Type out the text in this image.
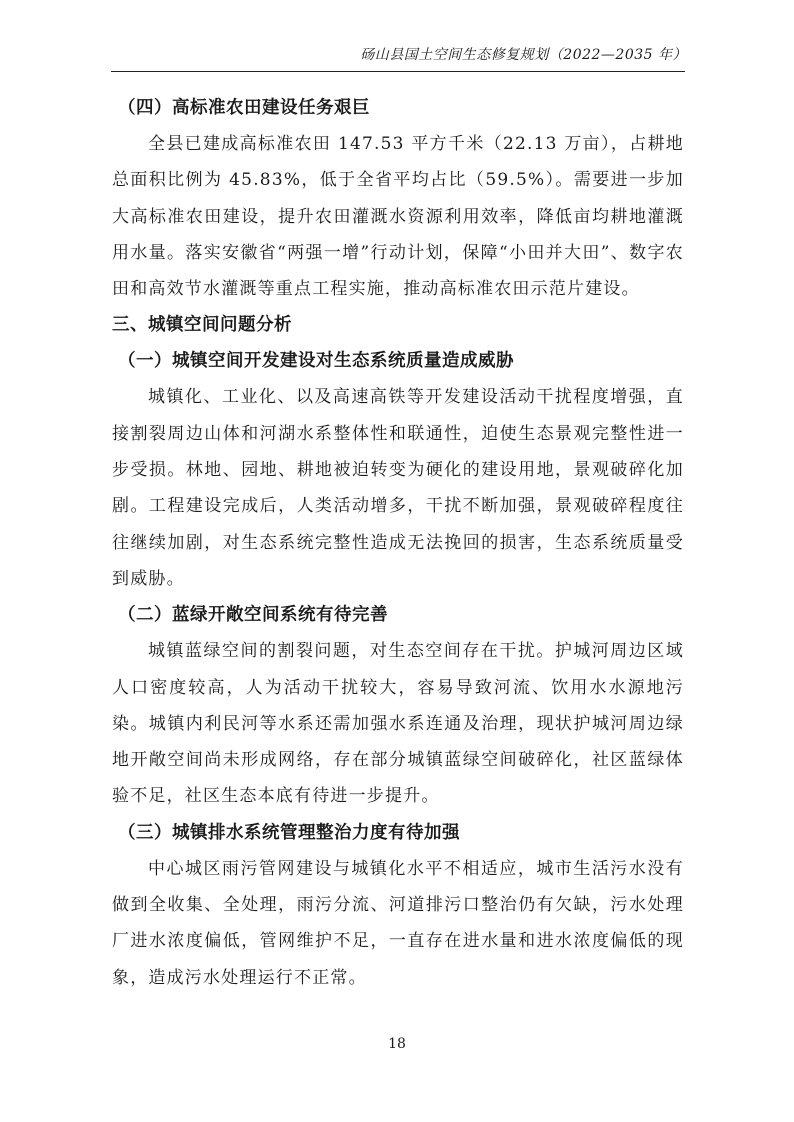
砀山县国土空间生态修复规划（2022—2035 年）
（四）高标准农田建设任务艰巨

全县已建成高标准农田 147.53 平方千米（22.13 万亩），占耕地总面积比例为 45.83%，低于全省平均占比（59.5%）。需要进一步加大高标准农田建设，提升农田灌溉水资源利用效率，降低亩均耕地灌溉用水量。落实安徽省“两强一增”行动计划，保障“小田并大田”、数字农田和高效节水灌溉等重点工程实施，推动高标准农田示范片建设。

三、城镇空间问题分析
（一）城镇空间开发建设对生态系统质量造成威胁

城镇化、工业化、以及高速高铁等开发建设活动干扰程度增强，直接割裂周边山体和河湖水系整体性和联通性，迫使生态景观完整性进一步受损。林地、园地、耕地被迫转变为硬化的建设用地，景观破碎化加剧。工程建设完成后，人类活动增多，干扰不断加强，景观破碎程度往往继续加剧，对生态系统完整性造成无法挽回的损害，生态系统质量受到威胁。

（二）蓝绿开敞空间系统有待完善

城镇蓝绿空间的割裂问题，对生态空间存在干扰。护城河周边区域人口密度较高，人为活动干扰较大，容易导致河流、饮用水水源地污染。城镇内利民河等水系还需加强水系连通及治理，现状护城河周边绿地开敞空间尚未形成网络，存在部分城镇蓝绿空间破碎化，社区蓝绿体验不足，社区生态本底有待进一步提升。

（三）城镇排水系统管理整治力度有待加强

中心城区雨污管网建设与城镇化水平不相适应，城市生活污水没有做到全收集、全处理，雨污分流、河道排污口整治仍有欠缺，污水处理厂进水浓度偏低，管网维护不足，一直存在进水量和进水浓度偏低的现象，造成污水处理运行不正常。

18
